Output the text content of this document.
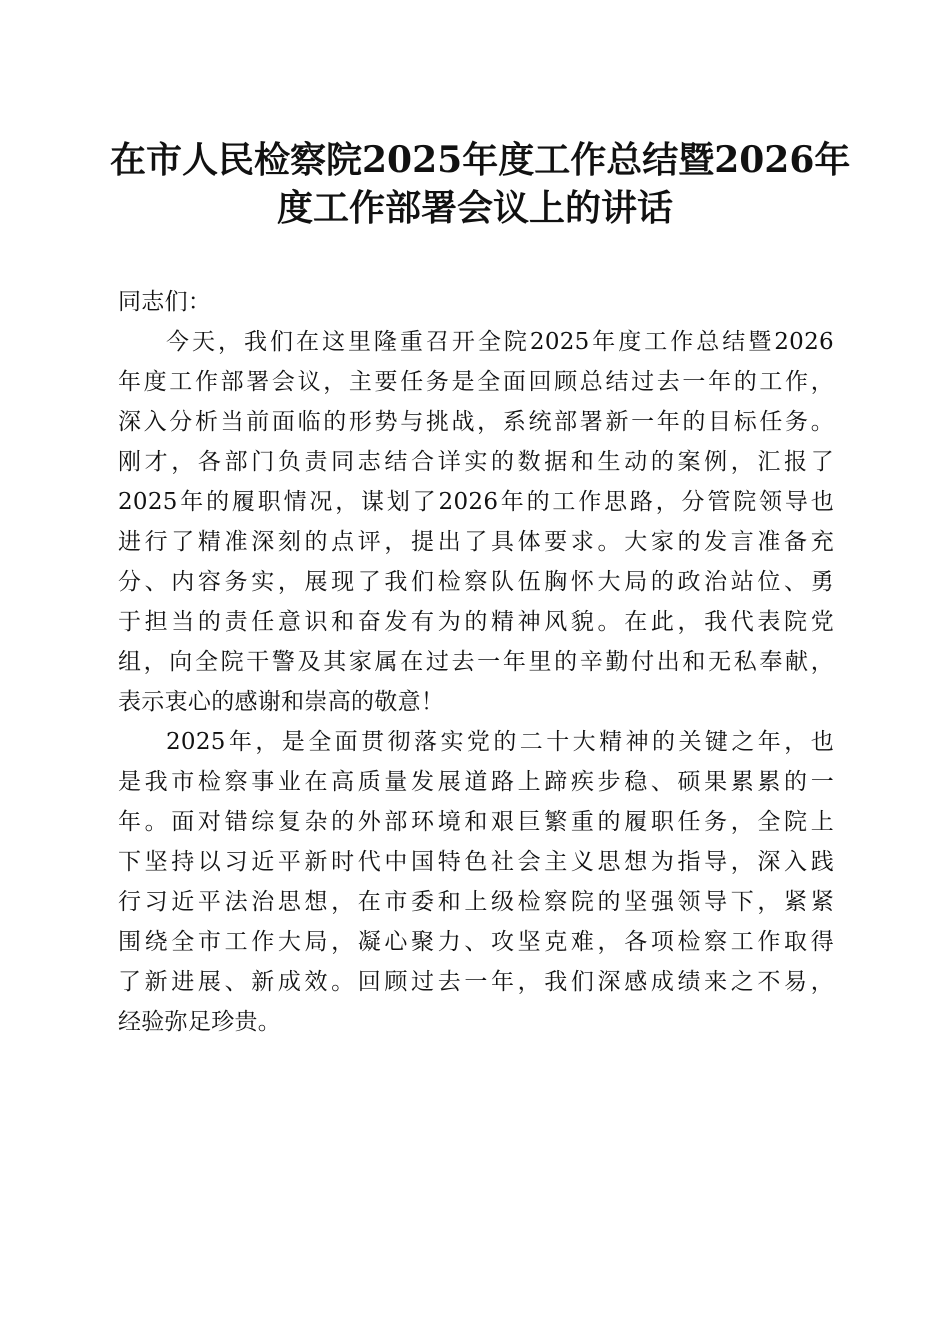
在市人民检察院2025年度工作总结暨2026年
度工作部署会议上的讲话

同志们：

今天，我们在这里隆重召开全院2025年度工作总结暨2026
年度工作部署会议，主要任务是全面回顾总结过去一年的工作，
深入分析当前面临的形势与挑战，系统部署新一年的目标任务。
刚才，各部门负责同志结合详实的数据和生动的案例，汇报了
2025年的履职情况，谋划了2026年的工作思路，分管院领导也
进行了精准深刻的点评，提出了具体要求。大家的发言准备充
分、内容务实，展现了我们检察队伍胸怀大局的政治站位、勇
于担当的责任意识和奋发有为的精神风貌。在此，我代表院党
组，向全院干警及其家属在过去一年里的辛勤付出和无私奉献，
表示衷心的感谢和崇高的敬意！

2025年，是全面贯彻落实党的二十大精神的关键之年，也
是我市检察事业在高质量发展道路上蹄疾步稳、硕果累累的一
年。面对错综复杂的外部环境和艰巨繁重的履职任务，全院上
下坚持以习近平新时代中国特色社会主义思想为指导，深入践
行习近平法治思想，在市委和上级检察院的坚强领导下，紧紧
围绕全市工作大局，凝心聚力、攻坚克难，各项检察工作取得
了新进展、新成效。回顾过去一年，我们深感成绩来之不易，
经验弥足珍贵。
